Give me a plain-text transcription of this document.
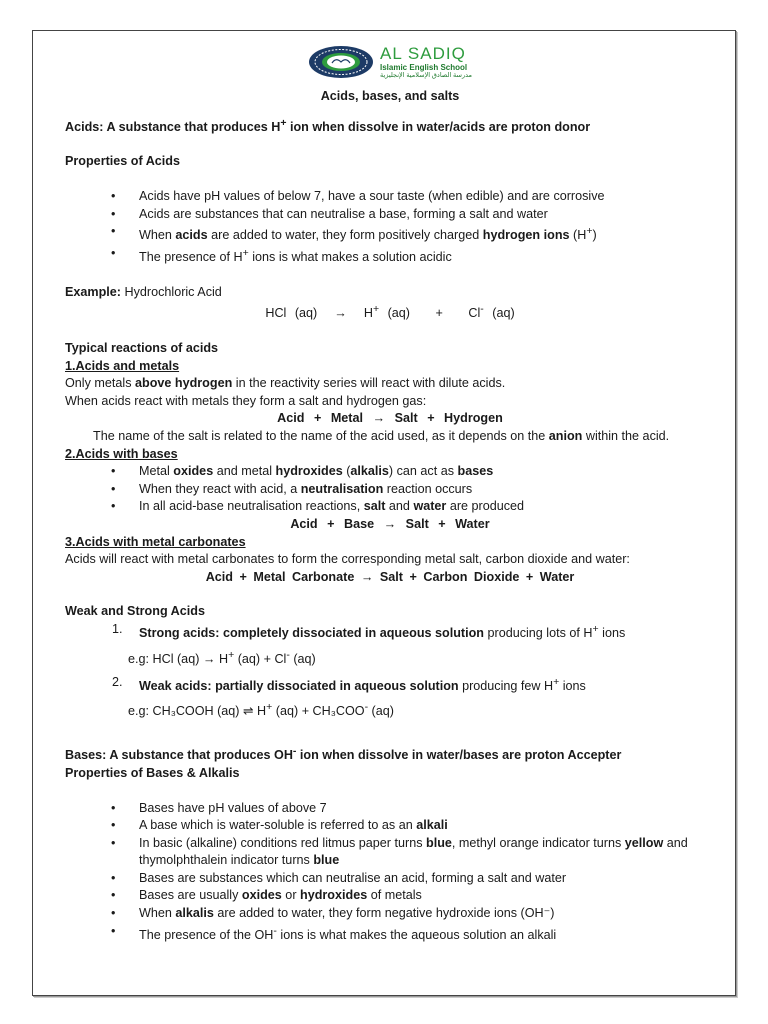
AL SADIQ
Islamic English School
مدرسة الصادق الإسلامية الإنجليزية

Acids, bases, and salts

Acids: A substance that produces H+ ion when dissolve in water/acids are proton donor

Properties of Acids

• Acids have pH values of below 7, have a sour taste (when edible) and are corrosive
• Acids are substances that can neutralise a base, forming a salt and water
• When acids are added to water, they form positively charged hydrogen ions (H+)
• The presence of H+ ions is what makes a solution acidic

Example: Hydrochloric Acid

HCl (aq) → H+ (aq) + Cl- (aq)

Typical reactions of acids

1.Acids and metals

Only metals above hydrogen in the reactivity series will react with dilute acids.

When acids react with metals they form a salt and hydrogen gas:

Acid + Metal → Salt + Hydrogen

The name of the salt is related to the name of the acid used, as it depends on the anion within the acid.

2.Acids with bases

• Metal oxides and metal hydroxides (alkalis) can act as bases
• When they react with acid, a neutralisation reaction occurs
• In all acid-base neutralisation reactions, salt and water are produced

Acid + Base → Salt + Water

3.Acids with metal carbonates

Acids will react with metal carbonates to form the corresponding metal salt, carbon dioxide and water:

Acid + Metal Carbonate → Salt + Carbon Dioxide + Water

Weak and Strong Acids

1. Strong acids: completely dissociated in aqueous solution producing lots of H+ ions

e.g: HCl (aq) → H+ (aq) + Cl- (aq)

2. Weak acids: partially dissociated in aqueous solution producing few H+ ions

e.g: CH₃COOH (aq) ⇌ H+ (aq) + CH₃COO- (aq)

Bases: A substance that produces OH- ion when dissolve in water/bases are proton Accepter

Properties of Bases & Alkalis

• Bases have pH values of above 7
• A base which is water-soluble is referred to as an alkali
• In basic (alkaline) conditions red litmus paper turns blue, methyl orange indicator turns yellow and thymolphthalein indicator turns blue
• Bases are substances which can neutralise an acid, forming a salt and water
• Bases are usually oxides or hydroxides of metals
• When alkalis are added to water, they form negative hydroxide ions (OH⁻)
• The presence of the OH- ions is what makes the aqueous solution an alkali
